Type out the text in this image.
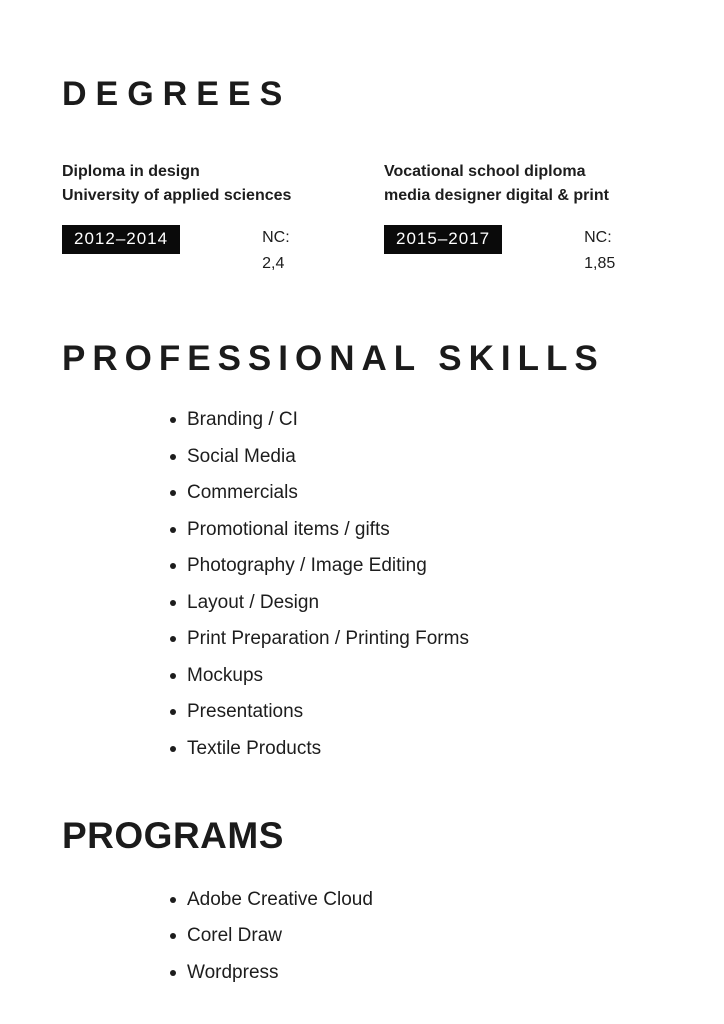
DEGREES
Diploma in design
University of applied sciences
2012–2014	NC:
2,4
Vocational school diploma
media designer digital & print
2015–2017	NC:
1,85
PROFESSIONAL SKILLS
Branding / CI
Social Media
Commercials
Promotional items / gifts
Photography / Image Editing
Layout / Design
Print Preparation / Printing Forms
Mockups
Presentations
Textile Products
PROGRAMS
Adobe Creative Cloud
Corel Draw
Wordpress
